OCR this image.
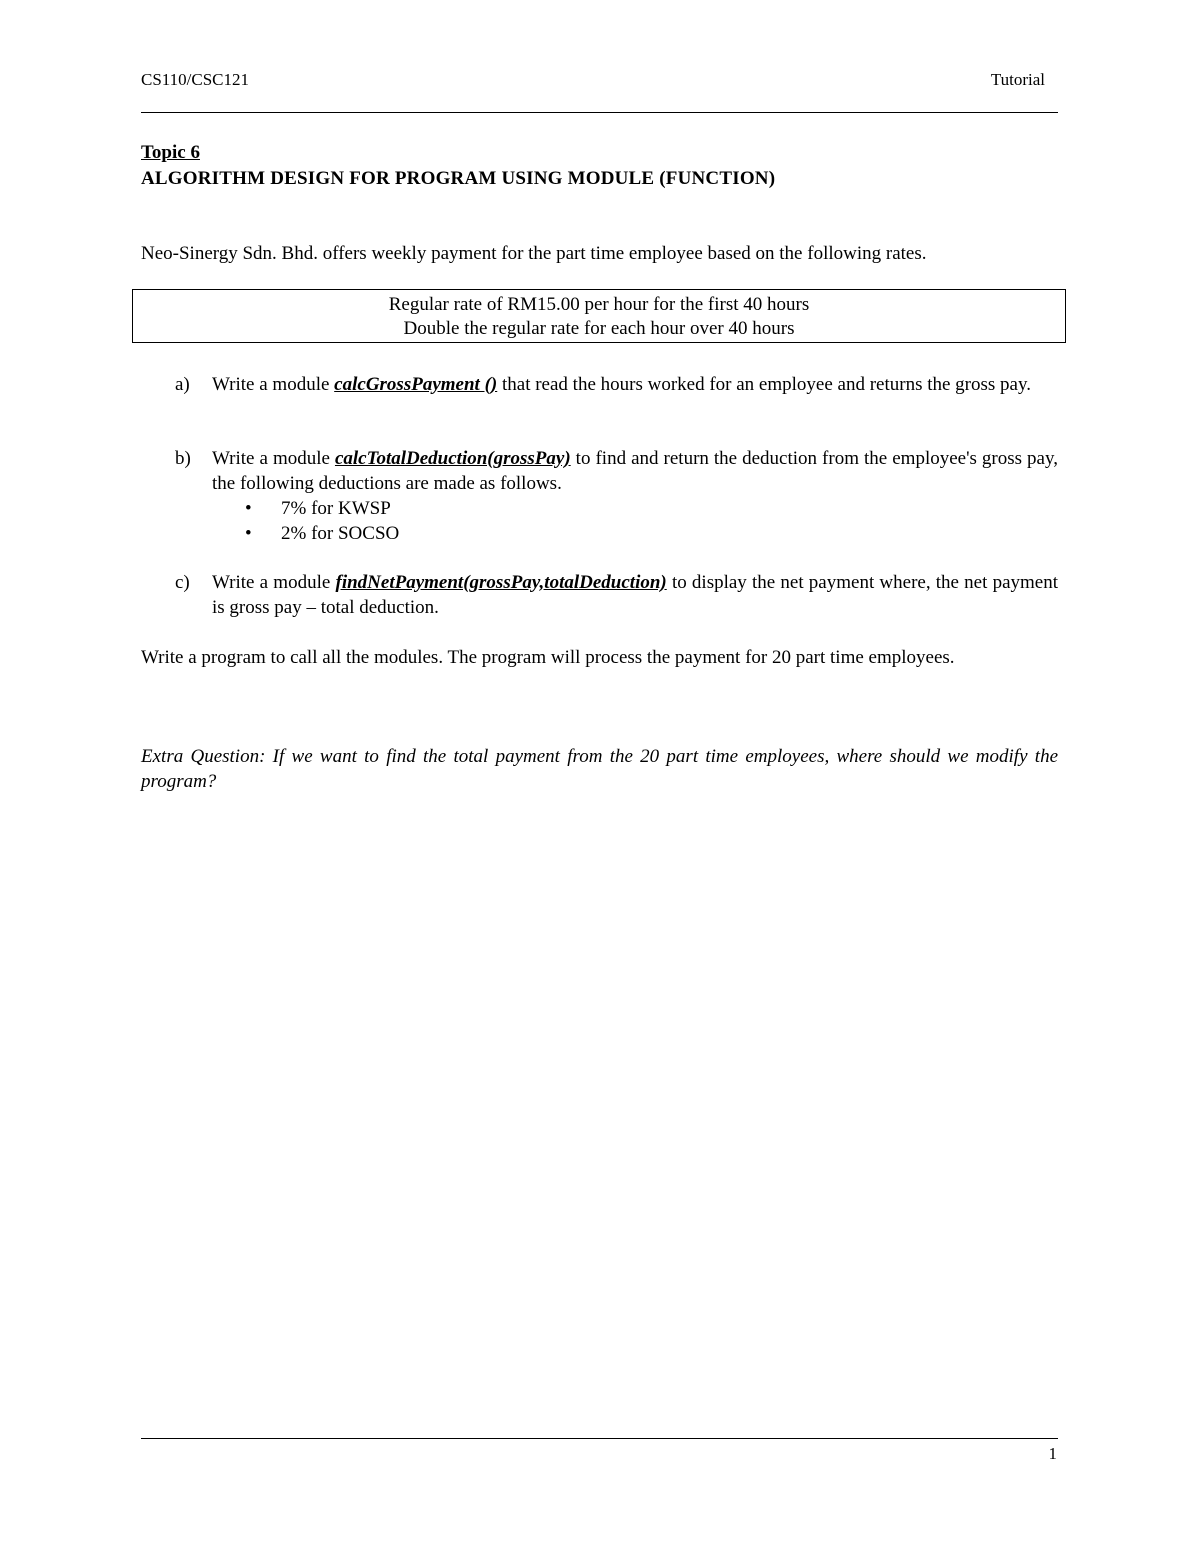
CS110/CSC121	Tutorial
Topic 6
ALGORITHM DESIGN FOR PROGRAM USING MODULE (FUNCTION)
Neo-Sinergy Sdn. Bhd. offers weekly payment for the part time employee based on the following rates.
Regular rate of RM15.00 per hour for the first 40 hours
Double the regular rate for each hour over 40 hours
a) Write a module calcGrossPayment () that read the hours worked for an employee and returns the gross pay.
b) Write a module calcTotalDeduction(grossPay) to find and return the deduction from the employee's gross pay, the following deductions are made as follows.
• 7% for KWSP
• 2% for SOCSO
c) Write a module findNetPayment(grossPay,totalDeduction) to display the net payment where, the net payment is gross pay – total deduction.
Write a program to call all the modules. The program will process the payment for 20 part time employees.
Extra Question: If we want to find the total payment from the 20 part time employees, where should we modify the program?
1
